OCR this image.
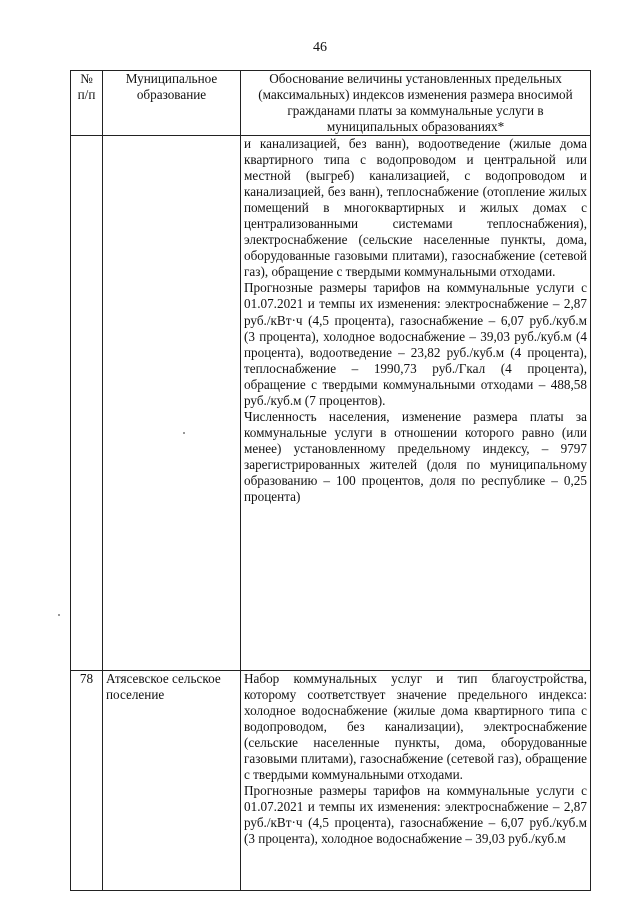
46
№ п/п	Муниципальное образование	Обоснование величины установленных предельных (максимальных) индексов изменения размера вносимой гражданами платы за коммунальные услуги в муниципальных образованиях*

		и канализацией, без ванн), водоотведение (жилые дома квартирного типа с водопроводом и центральной или местной (выгреб) канализацией, с водопроводом и канализацией, без ванн), теплоснабжение (отопление жилых помещений в многоквартирных и жилых домах с централизованными системами теплоснабжения), электроснабжение (сельские населенные пункты, дома, оборудованные газовыми плитами), газоснабжение (сетевой газ), обращение с твердыми коммунальными отходами.

Прогнозные размеры тарифов на коммунальные услуги с 01.07.2021 и темпы их изменения: электроснабжение – 2,87 руб./кВт·ч (4,5 процента), газоснабжение – 6,07 руб./куб.м (3 процента), холодное водоснабжение – 39,03 руб./куб.м (4 процента), водоотведение – 23,82 руб./куб.м (4 процента), теплоснабжение – 1990,73 руб./Гкал (4 процента), обращение с твердыми коммунальными отходами – 488,58 руб./куб.м (7 процентов).

Численность населения, изменение размера платы за коммунальные услуги в отношении которого равно (или менее) установленному предельному индексу, – 9797 зарегистрированных жителей (доля по муниципальному образованию – 100 процентов, доля по республике – 0,25 процента)

78	Атясевское сельское поселение	Набор коммунальных услуг и тип благоустройства, которому соответствует значение предельного индекса: холодное водоснабжение (жилые дома квартирного типа с водопроводом, без канализации), электроснабжение (сельские населенные пункты, дома, оборудованные газовыми плитами), газоснабжение (сетевой газ), обращение с твердыми коммунальными отходами.

Прогнозные размеры тарифов на коммунальные услуги с 01.07.2021 и темпы их изменения: электроснабжение – 2,87 руб./кВт·ч (4,5 процента), газоснабжение – 6,07 руб./куб.м (3 процента), холодное водоснабжение – 39,03 руб./куб.м
